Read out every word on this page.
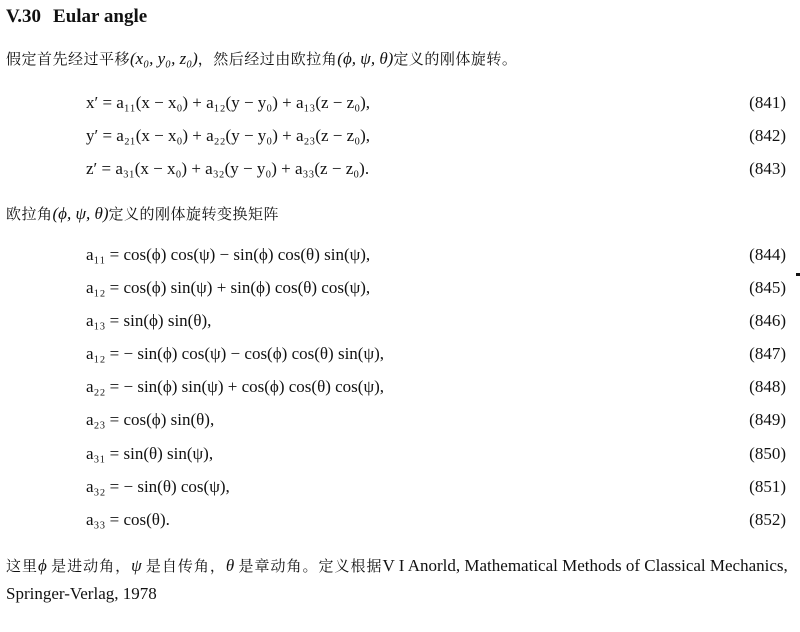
V.30 Eular angle
假定首先经过平移(x₀, y₀, z₀)，然后经过由欧拉角(ϕ, ψ, θ)定义的刚体旋转。
x′ = a₁₁(x − x₀) + a₁₂(y − y₀) + a₁₃(z − z₀),	(841)
y′ = a₂₁(x − x₀) + a₂₂(y − y₀) + a₂₃(z − z₀),	(842)
z′ = a₃₁(x − x₀) + a₃₂(y − y₀) + a₃₃(z − z₀).	(843)
欧拉角(ϕ, ψ, θ)定义的刚体旋转变换矩阵
a₁₁ = cos(ϕ) cos(ψ) − sin(ϕ) cos(θ) sin(ψ),	(844)
a₁₂ = cos(ϕ) sin(ψ) + sin(ϕ) cos(θ) cos(ψ),	(845)
a₁₃ = sin(ϕ) sin(θ),	(846)
a₁₂ = − sin(ϕ) cos(ψ) − cos(ϕ) cos(θ) sin(ψ),	(847)
a₂₂ = − sin(ϕ) sin(ψ) + cos(ϕ) cos(θ) cos(ψ),	(848)
a₂₃ = cos(ϕ) sin(θ),	(849)
a₃₁ = sin(θ) sin(ψ),	(850)
a₃₂ = − sin(θ) cos(ψ),	(851)
a₃₃ = cos(θ).	(852)
这里ϕ 是进动角，ψ 是自传角，θ 是章动角。定义根据V I Anorld, Mathematical Methods of Classical Mechanics, Springer-Verlag, 1978
